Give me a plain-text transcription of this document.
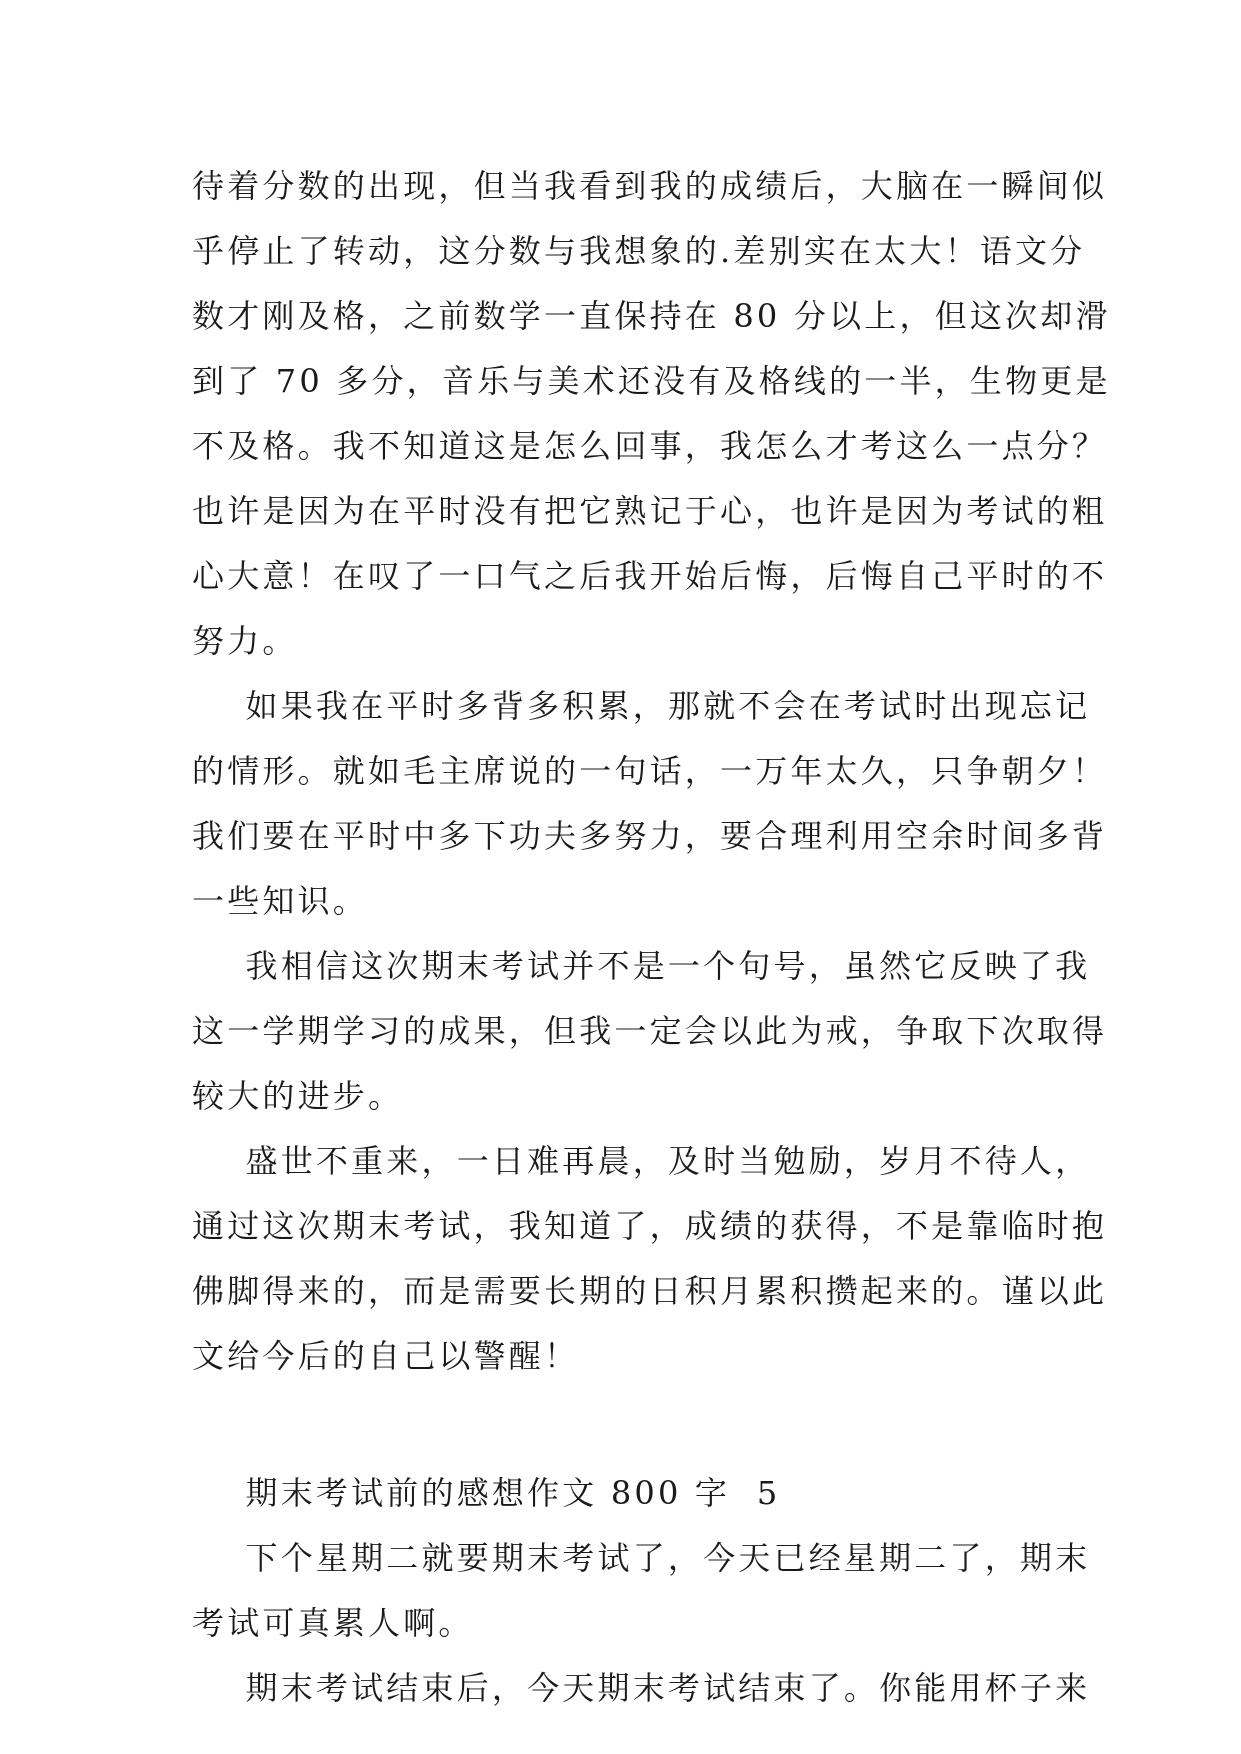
待着分数的出现，但当我看到我的成绩后，大脑在一瞬间似
乎停止了转动，这分数与我想象的.差别实在太大！语文分
数才刚及格，之前数学一直保持在 80 分以上，但这次却滑
到了 70 多分，音乐与美术还没有及格线的一半，生物更是
不及格。我不知道这是怎么回事，我怎么才考这么一点分？
也许是因为在平时没有把它熟记于心，也许是因为考试的粗
心大意！在叹了一口气之后我开始后悔，后悔自己平时的不
努力。
如果我在平时多背多积累，那就不会在考试时出现忘记
的情形。就如毛主席说的一句话，一万年太久，只争朝夕！
我们要在平时中多下功夫多努力，要合理利用空余时间多背
一些知识。
我相信这次期末考试并不是一个句号，虽然它反映了我
这一学期学习的成果，但我一定会以此为戒，争取下次取得
较大的进步。
盛世不重来，一日难再晨，及时当勉励，岁月不待人，
通过这次期末考试，我知道了，成绩的获得，不是靠临时抱
佛脚得来的，而是需要长期的日积月累积攒起来的。谨以此
文给今后的自己以警醒！
期末考试前的感想作文 800 字  5
下个星期二就要期末考试了，今天已经星期二了，期末
考试可真累人啊。
期末考试结束后，今天期末考试结束了。你能用杯子来
